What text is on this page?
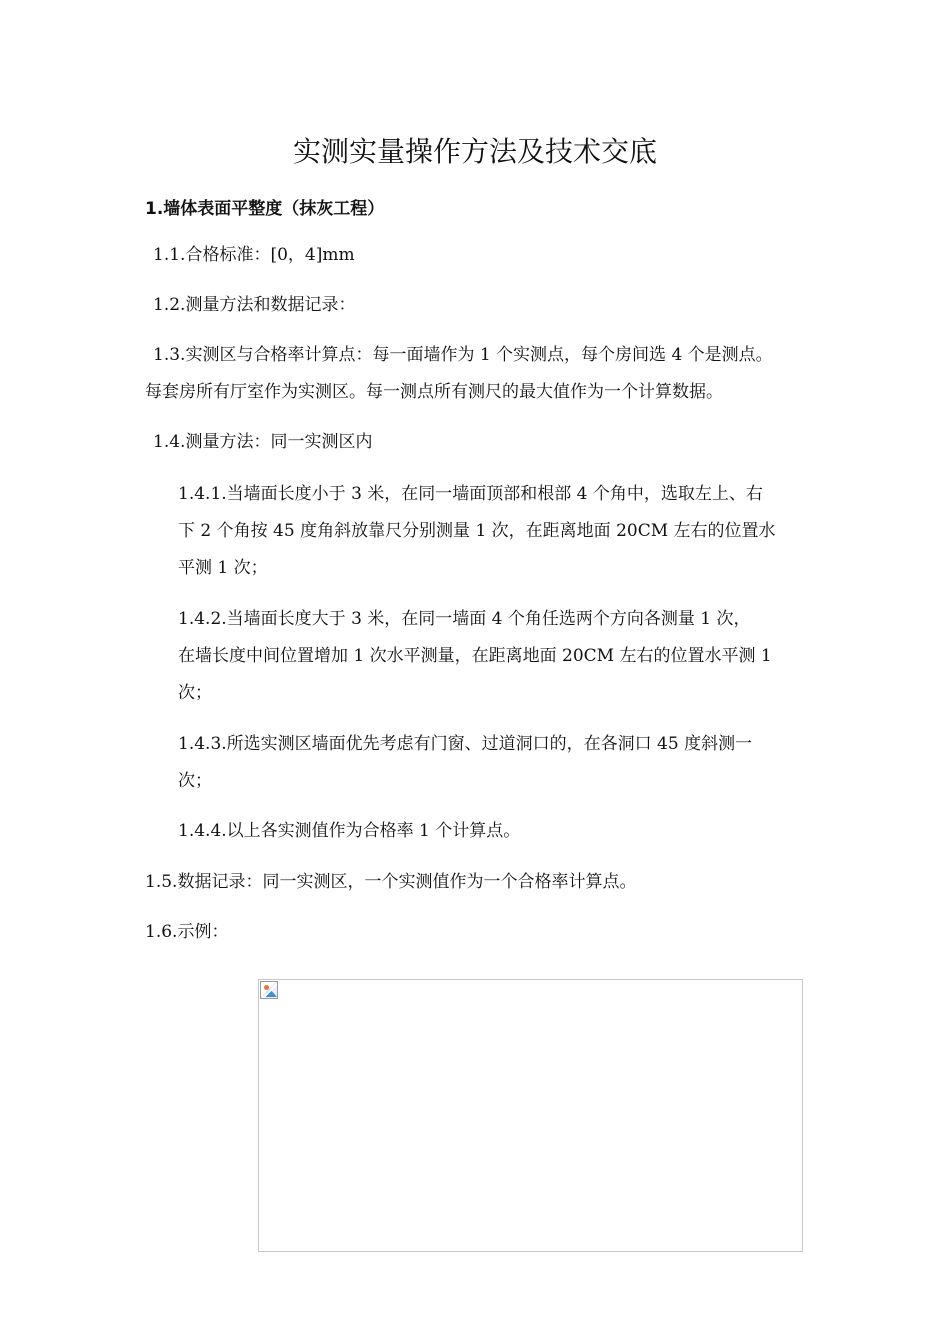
实测实量操作方法及技术交底
1.墙体表面平整度（抹灰工程）
1.1.合格标准：[0，4]mm
1.2.测量方法和数据记录：
1.3.实测区与合格率计算点：每一面墙作为 1 个实测点，每个房间选 4 个是测点。
每套房所有厅室作为实测区。每一测点所有测尺的最大值作为一个计算数据。
1.4.测量方法：同一实测区内
1.4.1.当墙面长度小于 3 米，在同一墙面顶部和根部 4 个角中，选取左上、右
下 2 个角按 45 度角斜放靠尺分别测量 1 次，在距离地面 20CM 左右的位置水
平测 1 次；
1.4.2.当墙面长度大于 3 米，在同一墙面 4 个角任选两个方向各测量 1 次，
在墙长度中间位置增加 1 次水平测量，在距离地面 20CM 左右的位置水平测 1
次；
1.4.3.所选实测区墙面优先考虑有门窗、过道洞口的，在各洞口 45 度斜测一
次；
1.4.4.以上各实测值作为合格率 1 个计算点。
1.5.数据记录：同一实测区，一个实测值作为一个合格率计算点。
1.6.示例：
